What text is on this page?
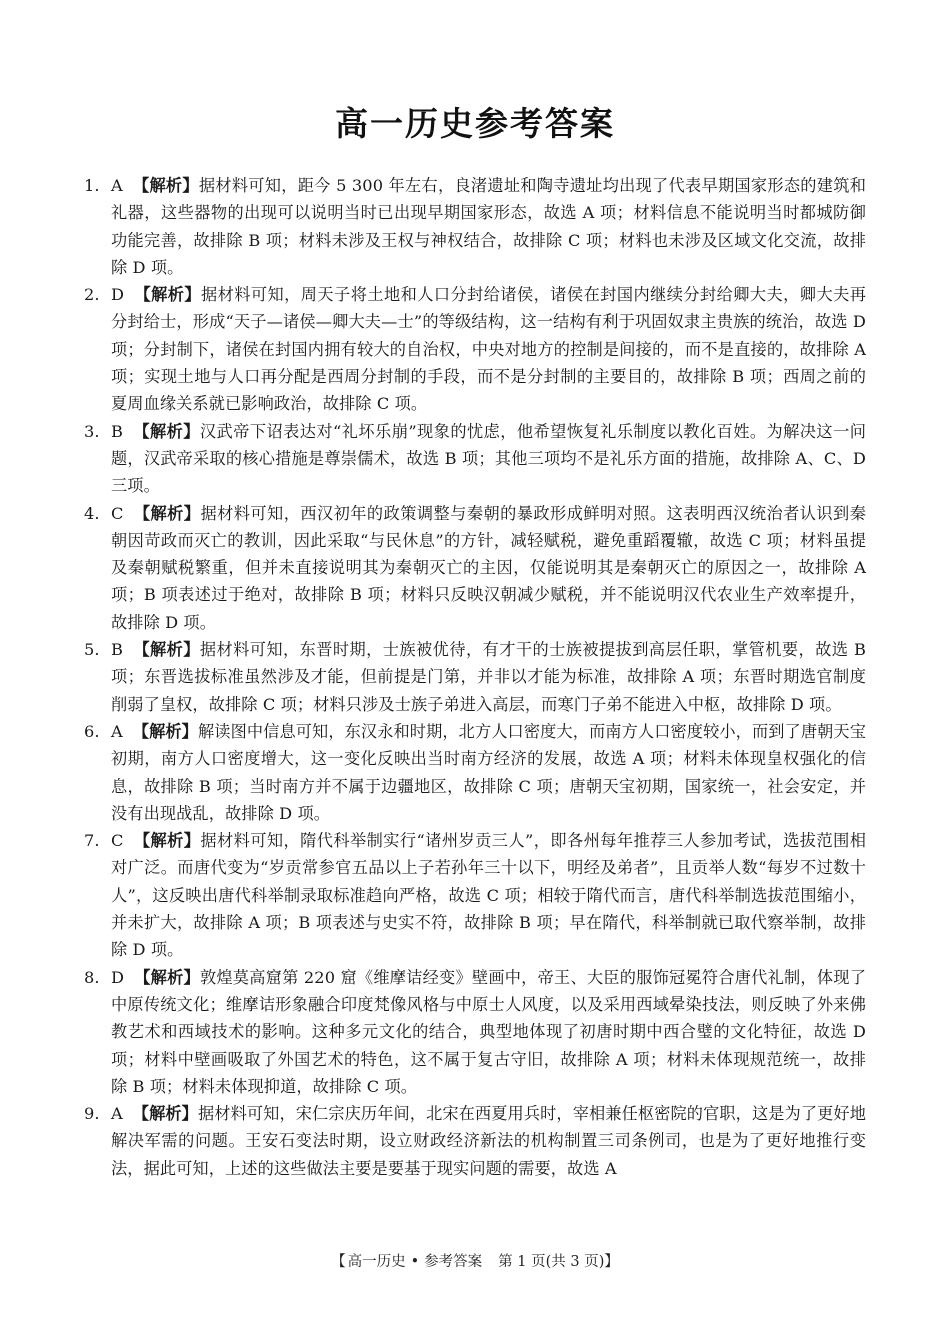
高一历史参考答案
1. A 【解析】据材料可知，距今 5 300 年左右，良渚遗址和陶寺遗址均出现了代表早期国家形态的建筑和礼器，这些器物的出现可以说明当时已出现早期国家形态，故选 A 项；材料信息不能说明当时都城防御功能完善，故排除 B 项；材料未涉及王权与神权结合，故排除 C 项；材料也未涉及区域文化交流，故排除 D 项。
2. D 【解析】据材料可知，周天子将土地和人口分封给诸侯，诸侯在封国内继续分封给卿大夫，卿大夫再分封给士，形成“天子—诸侯—卿大夫—士”的等级结构，这一结构有利于巩固奴隶主贵族的统治，故选 D 项；分封制下，诸侯在封国内拥有较大的自治权，中央对地方的控制是间接的，而不是直接的，故排除 A 项；实现土地与人口再分配是西周分封制的手段，而不是分封制的主要目的，故排除 B 项；西周之前的夏周血缘关系就已影响政治，故排除 C 项。
3. B 【解析】汉武帝下诏表达对“礼坏乐崩”现象的忧虑，他希望恢复礼乐制度以教化百姓。为解决这一问题，汉武帝采取的核心措施是尊崇儒术，故选 B 项；其他三项均不是礼乐方面的措施，故排除 A、C、D 三项。
4. C 【解析】据材料可知，西汉初年的政策调整与秦朝的暴政形成鲜明对照。这表明西汉统治者认识到秦朝因苛政而灭亡的教训，因此采取“与民休息”的方针，减轻赋税，避免重蹈覆辙，故选 C 项；材料虽提及秦朝赋税繁重，但并未直接说明其为秦朝灭亡的主因，仅能说明其是秦朝灭亡的原因之一，故排除 A 项；B 项表述过于绝对，故排除 B 项；材料只反映汉朝减少赋税，并不能说明汉代农业生产效率提升，故排除 D 项。
5. B 【解析】据材料可知，东晋时期，士族被优待，有才干的士族被提拔到高层任职，掌管机要，故选 B 项；东晋选拔标准虽然涉及才能，但前提是门第，并非以才能为标准，故排除 A 项；东晋时期选官制度削弱了皇权，故排除 C 项；材料只涉及士族子弟进入高层，而寒门子弟不能进入中枢，故排除 D 项。
6. A 【解析】解读图中信息可知，东汉永和时期，北方人口密度大，而南方人口密度较小，而到了唐朝天宝初期，南方人口密度增大，这一变化反映出当时南方经济的发展，故选 A 项；材料未体现皇权强化的信息，故排除 B 项；当时南方并不属于边疆地区，故排除 C 项；唐朝天宝初期，国家统一，社会安定，并没有出现战乱，故排除 D 项。
7. C 【解析】据材料可知，隋代科举制实行“诸州岁贡三人”，即各州每年推荐三人参加考试，选拔范围相对广泛。而唐代变为“岁贡常参官五品以上子若孙年三十以下，明经及弟者”，且贡举人数“每岁不过数十人”，这反映出唐代科举制录取标准趋向严格，故选 C 项；相较于隋代而言，唐代科举制选拔范围缩小，并未扩大，故排除 A 项；B 项表述与史实不符，故排除 B 项；早在隋代，科举制就已取代察举制，故排除 D 项。
8. D 【解析】敦煌莫高窟第 220 窟《维摩诘经变》壁画中，帝王、大臣的服饰冠冕符合唐代礼制，体现了中原传统文化；维摩诘形象融合印度梵像风格与中原士人风度，以及采用西域晕染技法，则反映了外来佛教艺术和西域技术的影响。这种多元文化的结合，典型地体现了初唐时期中西合璧的文化特征，故选 D 项；材料中壁画吸取了外国艺术的特色，这不属于复古守旧，故排除 A 项；材料未体现规范统一，故排除 B 项；材料未体现抑道，故排除 C 项。
9. A 【解析】据材料可知，宋仁宗庆历年间，北宋在西夏用兵时，宰相兼任枢密院的官职，这是为了更好地解决军需的问题。王安石变法时期，设立财政经济新法的机构制置三司条例司，也是为了更好地推行变法，据此可知，上述的这些做法主要是要基于现实问题的需要，故选 A
【 高一历史 • 参考答案 第 1 页(共 3 页)】
